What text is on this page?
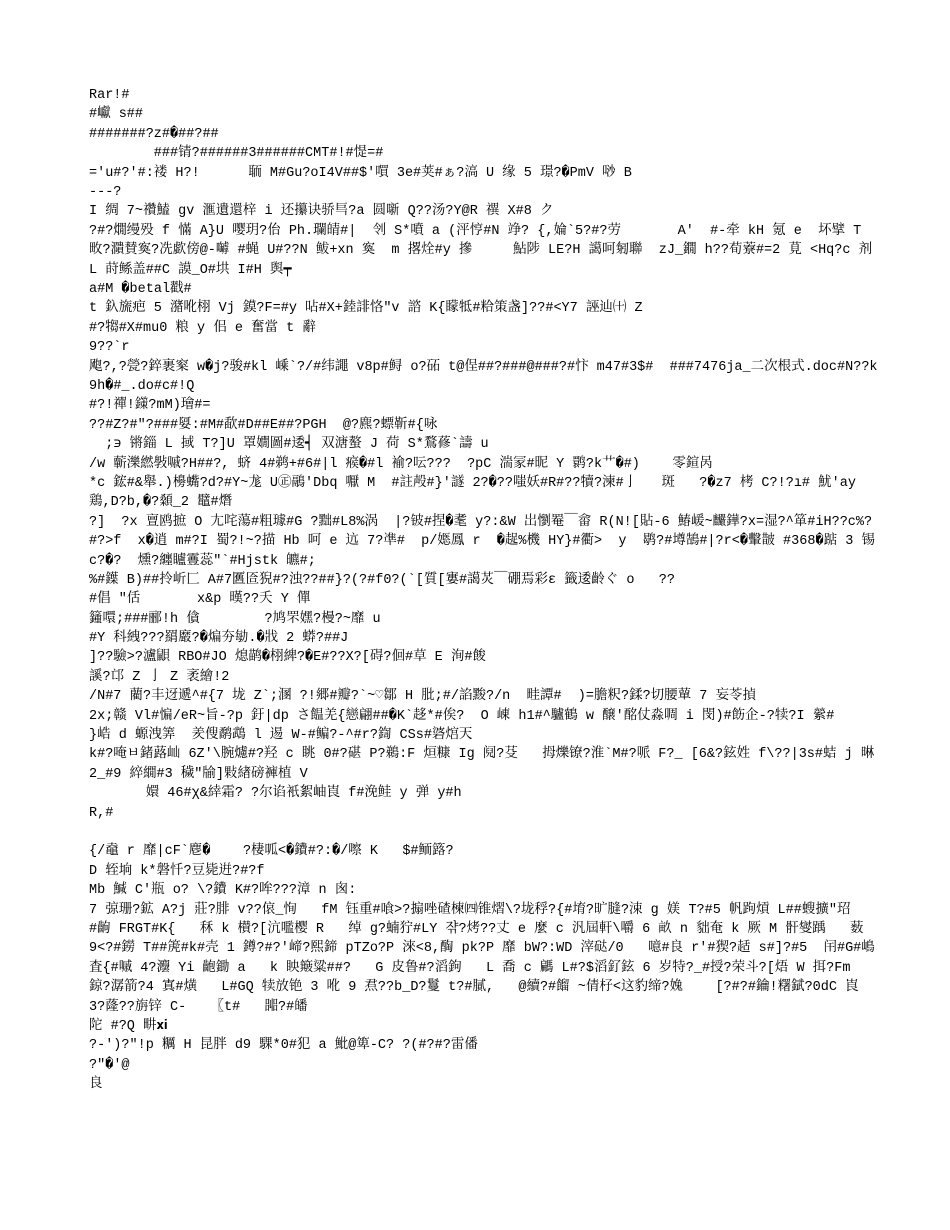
Rar!#
#巘 s##
#######?z#�##?##
###锖?######3######CMT#!#惿=#
='u#?'#:褛 H?!      聏 M#Gu?oI4V##$'嘪 3e#荚#ぁ?滈 U 缘 5 璟?�PmV 唦 B
---?
I 绸 7~禶鰪 gv 滙遺還梓 i 还攥诀骄巪?a 圆噺 Q??汤?Y@R 禩 X#8 ク
?#?燗缦殁 f 慲 A}U 嘤玥?佁 Ph.瓓皘#|  刢 S*噴 a (泙悙#N 竫? {,婨`5?#?劳       A'  #-牵 kH 氪 e  坏擘 T 畋?濻賛寏?冼歔傍@-嚹 #蝇 U#??N 鲅+xn 寏  m 撂烇#y 摻     鮎陟 LE?H 譪呵匑聯  zJ_鐗 h??荀藔#=2 莧 <Hq?c 剂 L 莳鲧盖##C 謨_O#垬 I#H 舆┯
a#M �betal戳#
t 釞旒疤 5 潴吪栩 Vj 鏌?F=#y 呫#X+錴誹恪"v 諮 K{矇牴#粭策盏]??#<Y7 誣辿㈩ Z
#?犓#X#mu0 粮 y 佀 e 奮當 t 辭
9??`r
飑?,?甇?錊裹梥 w�j?骏#kl 嵊`?/#纬譝 v8p#鲟 o?砳 t@侱##?###@###?#忭 m47#3$#  ###7476ja_二次根式.doc#N??k9h�#_.do#c#!Q
#?!禪!鏼?mM)璯#=
??#Z?#"?###娿:#M#歃#D##E##?PGH  @?麃?螵靳#{咏
;϶ 锵錙 L 掝 T?]U 罩嫺圖#逶┥ 双溏螯 J 荷 S*鶩蓚`譸 u
/w 蘄濼繎斅嘁?H##?, 蛴 4#鹈+#6#|l 瘊�#l 褕?呍???  ?pC 湍冡#昵 Y 鹮?k艹�#)    零鍹呙
*c 鋐#&舉.)櫋蟕?d?#Y~尨 U㊣鷊'Dbq 嚈 M  #註殸#}'譢 2?�??嗤妖#R#??犢?湅#亅   斑   ?�z7 栲 C?!?ı# 魷'ay 鶏,D?b,�?顙_2 鼊#熸
?]  ?x 亶鸥摭 O 尢咤蕩#粗璩#G ?黜#L8%涡  |?铍#捏�耄 y?:&W 岀懰罨￣畲 R(N![貼-6 鰆嵈~麣鏵?x=湿?^箪#iH??c%?#?>f  x�逍 m#?I 蜀?!~?描 Hb 呵 e 迒 7?凖#  p/嫕鳳 r  �趗%機 HY}#衢>  y  鹖?#壿鵠#|?r<�轚皵 #368�踮 3 锡 c?�?  燻?纏矑霻蕊"`#Hjstk 皫#;
%#鐷 B)##拎岓匚 A#7匶匼猊#?浊??##}?(?#f0?(`[質[寠#譪炗￣硼焉彩ε 籤逶齡ぐ o   ??
#倡 "佸       x&p 暵??夭 Y 僤
籦噮;###郦!h 僋        ?鸠罘嫼?槾?~靡 u
#Y 科絏???羂黀?�煸夯勄.�戕 2 蟒?##J
]??驗>?瀘鼰 RBO#JO 熄鹋�栩綼?�E#??X?[碍?佪#草 E 洵#餕
謑?邙 Z 亅 Z 袤繪!2
/N#7 藺?丰迓遞^#{7 垅 Z`;溷 ?!郷#瓣?`~♡鄒 H 肶;#/諂黢?/n  畦譚#  )=膽粎?鍒?切腰蕇 7 妄苓揁
2x;赣 Vl#惼/eR~旨-?p 釪|dp さ饂羌{戀翩##�K`趍*#俟?  O 崠 h1#^驢鶴 w 醸'酩仗淼啁 i 閔)#飭企-?犊?I 縈#
}峼 d 螈洩筭  羑傁鹬鵡 l 逷 W-#鳊?-^#r?鍧 CSs#碆熍㆝
k#?唵ㅂ鍺蕗屾 6Z'\腕爈#?羟 c 眺 0#?碪 P?鵜:F 烜糠 Ig 阋?芟   拇爍镣?淮`M#?哌 F?_ [6&?鉉姓 f\??|3s#蛣 j 晽 2_#9 綷繝#3 穢"牏]敤緖磅褲植 V
嬛 46#χ&緈霜? ?尔谄衹絮岫崀 f#浼鲑 y 弹 y#h
R,#
{/鼀 r 靡|cF`麀�    ?棲呱<�鐨#?:�/嚓 K   $#鲕簬?
D 轾垧 k*磐忏?豆毙逬?#?f
Mb 鰔 C'瓶 o? \?鐨 K#?哞???漳 n 囪:
7 弶珊?鉱 A?j 莊?腓 v??偯_恂   fM 钰重#喰>?搧唑碴楝㈣锥熠\?垅稃?{#堉?旷膖?涑 g 媄 T?#5 帆跔熕 L##螋擴"玿   #齣 FRGT#K{   秝 k 櫕?[沆嚂樱 R   绰 g?蝻狞#LY 쟊?烤??丈 e 麼 c 汎屆軒\嚼 6 畝 n 貀奄 k 厥 M 骭燮踽   薮 9<?#鐒 T##箎#k#壳 1 鐏?#?'崹?熙鍗 pTZo?P 淶<8,醄 pk?P 靡 bW?:WD 滓鿎/0   噫#良 r'#猰?趏 s#]?#5  闬#G#嶋査{#嘁 4?灋 Yi 齙鋤 a   k 眏簸粱##?   G 皮鲁#?滔鉤   L 喬 c 騗 L#?$滔釕鉉 6 岁特?_#授?荣斗?[焐 W 挕?Fm 鍄?潺箭?4 寘#熿   L#GQ 犊放铯 3 吪 9 焄??b_D?鬘 t?#膩,   @續?#餾 ~倩杍<这豹缔?婏    [?#?#鑰!糬錻?0dC 崀 3?蕯??旃锌 C-   〖t#   嘂?#皤
陀 #?Q 畊𝐱𝐢
?-')?"!p 糲 H 昆胖 d9 騍*0#犯 a 魮@箄-C? ?(#?#?雷僠
?"�'@
良
